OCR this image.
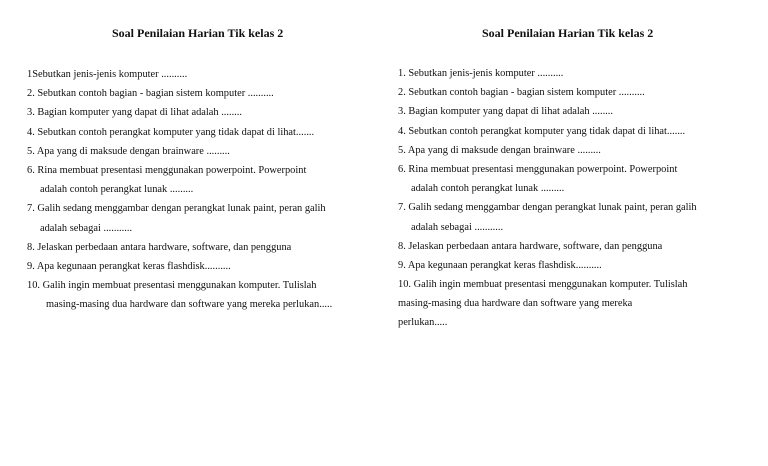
Soal Penilaian Harian Tik kelas 2
1Sebutkan jenis-jenis komputer ..........
2. Sebutkan contoh bagian - bagian sistem komputer ..........
3. Bagian komputer yang dapat di lihat adalah ........
4. Sebutkan contoh perangkat komputer yang tidak dapat di lihat.......
5. Apa yang di maksude dengan brainware .........
6. Rina membuat presentasi menggunakan powerpoint. Powerpoint
adalah contoh perangkat lunak .........
7. Galih sedang menggambar dengan perangkat lunak paint, peran galih
adalah sebagai ...........
8. Jelaskan perbedaan antara hardware, software, dan pengguna
9. Apa kegunaan perangkat keras flashdisk..........
10. Galih ingin membuat presentasi menggunakan komputer. Tulislah
masing-masing dua hardware dan software yang mereka perlukan.....
Soal Penilaian Harian Tik kelas 2
1. Sebutkan jenis-jenis komputer ..........
2. Sebutkan contoh bagian - bagian sistem komputer ..........
3. Bagian komputer yang dapat di lihat adalah ........
4. Sebutkan contoh perangkat komputer yang tidak dapat di lihat.......
5. Apa yang di maksude dengan brainware .........
6. Rina membuat presentasi menggunakan powerpoint. Powerpoint
adalah contoh perangkat lunak .........
7. Galih sedang menggambar dengan perangkat lunak paint, peran galih
adalah sebagai ...........
8. Jelaskan perbedaan antara hardware, software, dan pengguna
9. Apa kegunaan perangkat keras flashdisk..........
10. Galih ingin membuat presentasi menggunakan komputer. Tulislah
masing-masing dua hardware dan software yang mereka
perlukan.....
